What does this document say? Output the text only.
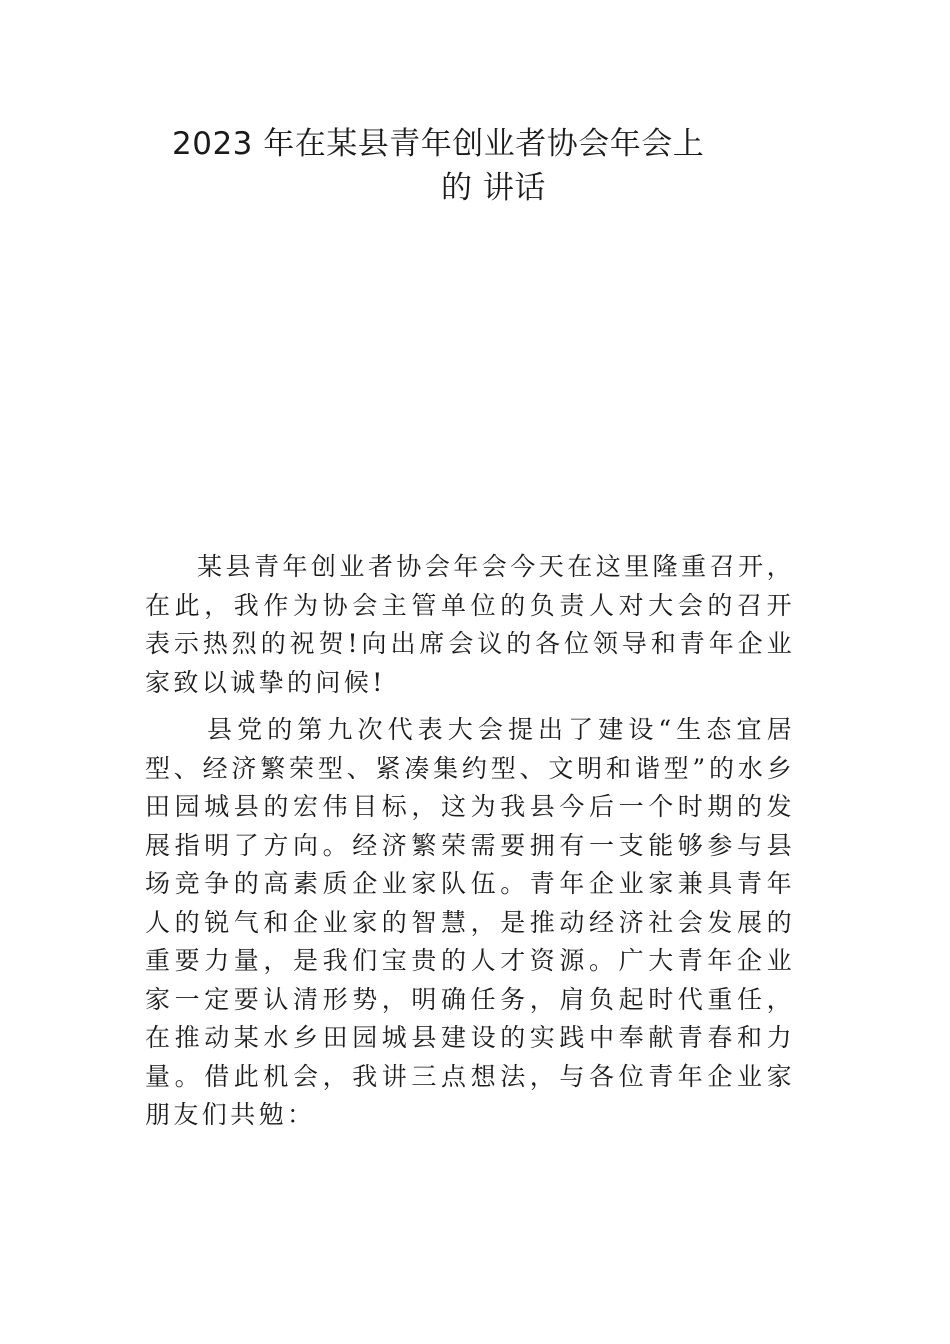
2023 年在某县青年创业者协会年会上
的 讲话

某县青年创业者协会年会今天在这里隆重召开，在此，我作为协会主管单位的负责人对大会的召开表示热烈的祝贺!向出席会议的各位领导和青年企业家致以诚挚的问候!

县党的第九次代表大会提出了建设“生态宜居型、经济繁荣型、紧凑集约型、文明和谐型”的水乡田园城县的宏伟目标，这为我县今后一个时期的发展指明了方向。经济繁荣需要拥有一支能够参与县场竞争的高素质企业家队伍。青年企业家兼具青年人的锐气和企业家的智慧，是推动经济社会发展的重要力量，是我们宝贵的人才资源。广大青年企业家一定要认清形势，明确任务，肩负起时代重任，在推动某水乡田园城县建设的实践中奉献青春和力量。借此机会，我讲三点想法，与各位青年企业家朋友们共勉：
